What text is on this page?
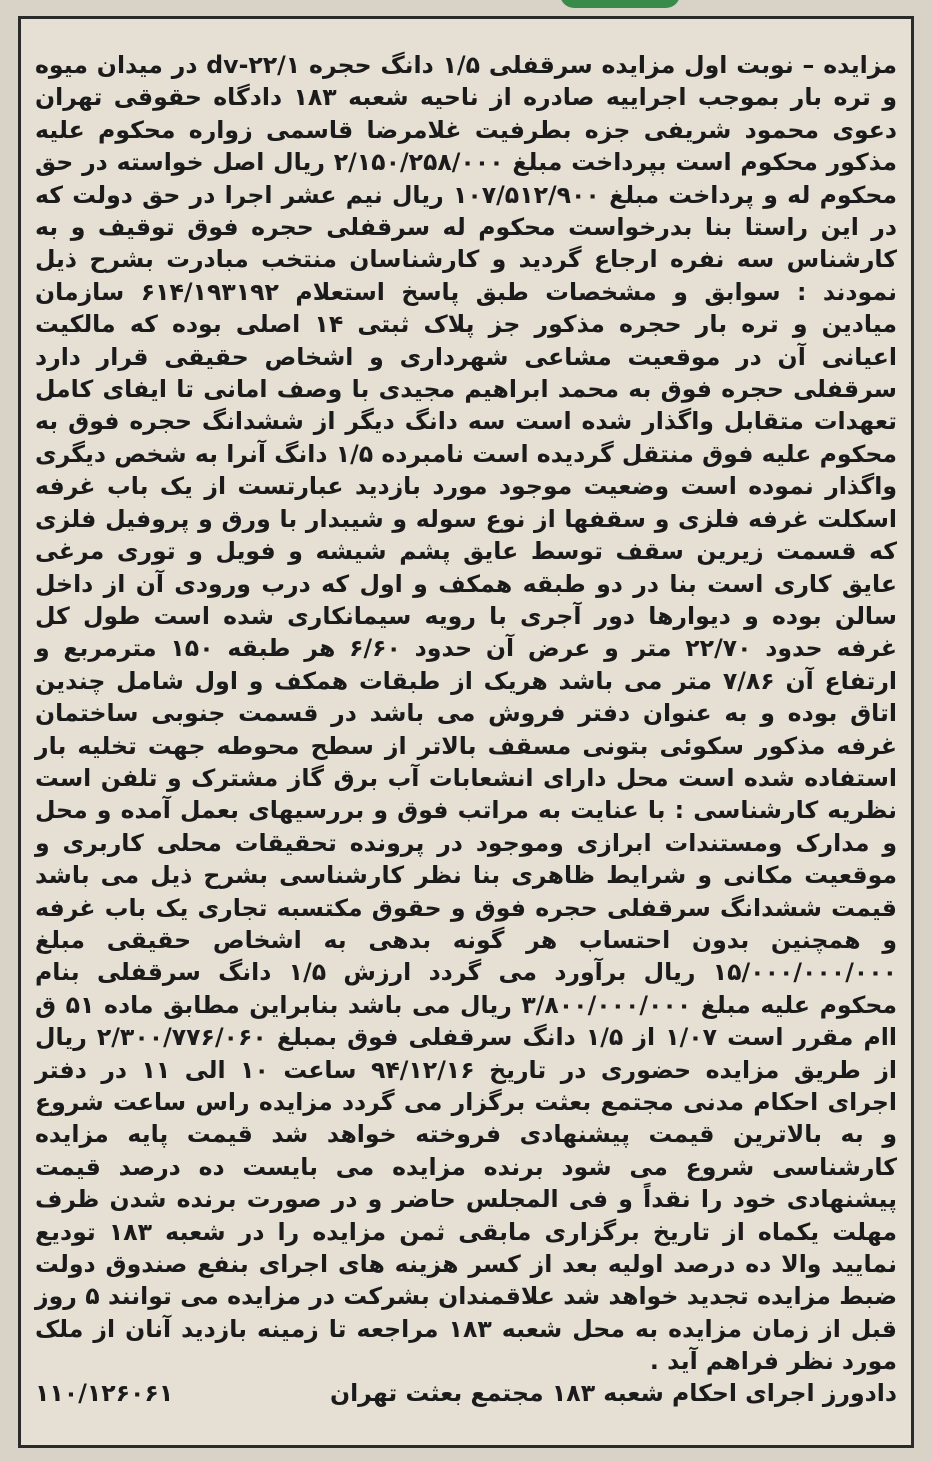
مزایده – نوبت اول مزایده سرقفلی ۱/۵ دانگ حجره ۲۲/۱-dv در میدان میوه و تره بار بموجب اجراییه صادره از ناحیه شعبه ۱۸۳ دادگاه حقوقی تهران دعوی محمود شریفی جزه بطرفیت غلامرضا قاسمی زواره محکوم علیه مذکور محکوم است بپرداخت مبلغ ۲/۱۵۰/۲۵۸/۰۰۰ ریال اصل خواسته در حق محکوم له و پرداخت مبلغ ۱۰۷/۵۱۲/۹۰۰ ریال نیم عشر اجرا در حق دولت که در این راستا بنا بدرخواست محکوم له سرقفلی حجره فوق توقیف و به کارشناس سه نفره ارجاع گردید و کارشناسان منتخب مبادرت بشرح ذیل نمودند : سوابق و مشخصات طبق پاسخ استعلام ۶۱۴/۱۹۳۱۹۲ سازمان میادین و تره بار حجره مذکور جز پلاک ثبتی ۱۴ اصلی بوده که مالکیت اعیانی آن در موقعیت مشاعی شهرداری و اشخاص حقیقی قرار دارد سرقفلی حجره فوق به محمد ابراهیم مجیدی با وصف امانی تا ایفای کامل تعهدات متقابل واگذار شده است سه دانگ دیگر از ششدانگ حجره فوق به محکوم علیه فوق منتقل گردیده است نامبرده ۱/۵ دانگ آنرا به شخص دیگری واگذار نموده است وضعیت موجود مورد بازدید عبارتست از یک باب غرفه اسکلت غرفه فلزی و سقفها از نوع سوله و شیبدار با ورق و پروفیل فلزی که قسمت زیرین سقف توسط عایق پشم شیشه و فویل و توری مرغی عایق کاری است بنا در دو طبقه همکف و اول که درب ورودی آن از داخل سالن بوده و دیوارها دور آجری با رویه سیمانکاری شده است طول کل غرفه حدود ۲۲/۷۰ متر و عرض آن حدود ۶/۶۰ هر طبقه ۱۵۰ مترمربع و ارتفاع آن ۷/۸۶ متر می باشد هریک از طبقات همکف و اول شامل چندین اتاق بوده و به عنوان دفتر فروش می باشد در قسمت جنوبی ساختمان غرفه مذکور سکوئی بتونی مسقف بالاتر از سطح محوطه جهت تخلیه بار استفاده شده است محل دارای انشعابات آب برق گاز مشترک و تلفن است نظریه کارشناسی : با عنایت به مراتب فوق و بررسیهای بعمل آمده و محل و مدارک ومستندات ابرازی وموجود در پرونده تحقیقات محلی کاربری و موقعیت مکانی و شرایط ظاهری بنا نظر کارشناسی بشرح ذیل می باشد قیمت ششدانگ سرقفلی حجره فوق و حقوق مکتسبه تجاری یک باب غرفه و همچنین بدون احتساب هر گونه بدهی به اشخاص حقیقی مبلغ ۱۵/۰۰۰/۰۰۰/۰۰۰ ریال برآورد می گردد ارزش ۱/۵ دانگ سرقفلی بنام محکوم علیه مبلغ ۳/۸۰۰/۰۰۰/۰۰۰ ریال می باشد بنابراین مطابق ماده ۵۱ ق اام مقرر است ۱/۰۷ از ۱/۵ دانگ سرقفلی فوق بمبلغ ۲/۳۰۰/۷۷۶/۰۶۰ ریال از طریق مزایده حضوری در تاریخ ۹۴/۱۲/۱۶ ساعت ۱۰ الی ۱۱ در دفتر اجرای احکام مدنی مجتمع بعثت برگزار می گردد مزایده راس ساعت شروع و به بالاترین قیمت پیشنهادی فروخته خواهد شد قیمت پایه مزایده کارشناسی شروع می شود برنده مزایده می بایست ده درصد قیمت پیشنهادی خود را نقداً و فی المجلس حاضر و در صورت برنده شدن ظرف مهلت یکماه از تاریخ برگزاری مابقی ثمن مزایده را در شعبه ۱۸۳ تودیع نمایید والا ده درصد اولیه بعد از کسر هزینه های اجرای بنفع صندوق دولت ضبط مزایده تجدید خواهد شد علاقمندان بشرکت در مزایده می توانند ۵ روز قبل از زمان مزایده به محل شعبه ۱۸۳ مراجعه تا زمینه بازدید آنان از ملک مورد نظر فراهم آید .
دادورز اجرای احکام شعبه ۱۸۳ مجتمع بعثت تهران
۱۱۰/۱۲۶۰۶۱
